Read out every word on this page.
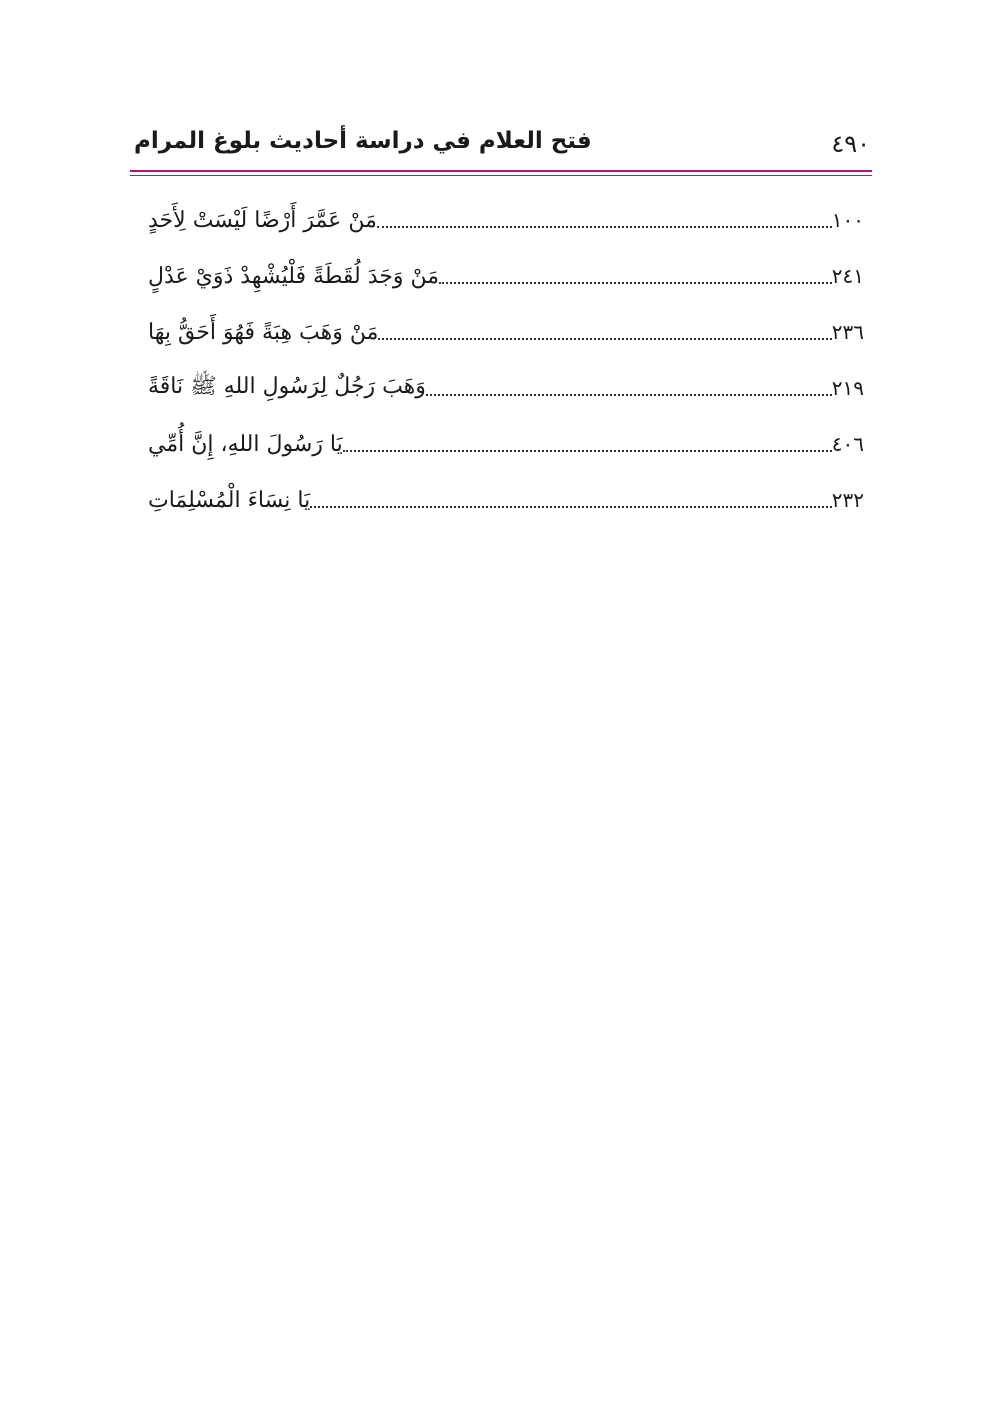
٤٩٠
فتح العلام في دراسة أحاديث بلوغ المرام
مَنْ عَمَّرَ أَرْضًا لَيْسَتْ لِأَحَدٍ	١٠٠
مَنْ وَجَدَ لُقَطَةً فَلْيُشْهِدْ ذَوَيْ عَدْلٍ	٢٤١
مَنْ وَهَبَ هِبَةً فَهُوَ أَحَقُّ بِهَا	٢٣٦
وَهَبَ رَجُلٌ لِرَسُولِ اللهِ ﷺ نَاقَةً	٢١٩
يَا رَسُولَ اللهِ، إِنَّ أُمِّي	٤٠٦
يَا نِسَاءَ الْمُسْلِمَاتِ	٢٣٢
